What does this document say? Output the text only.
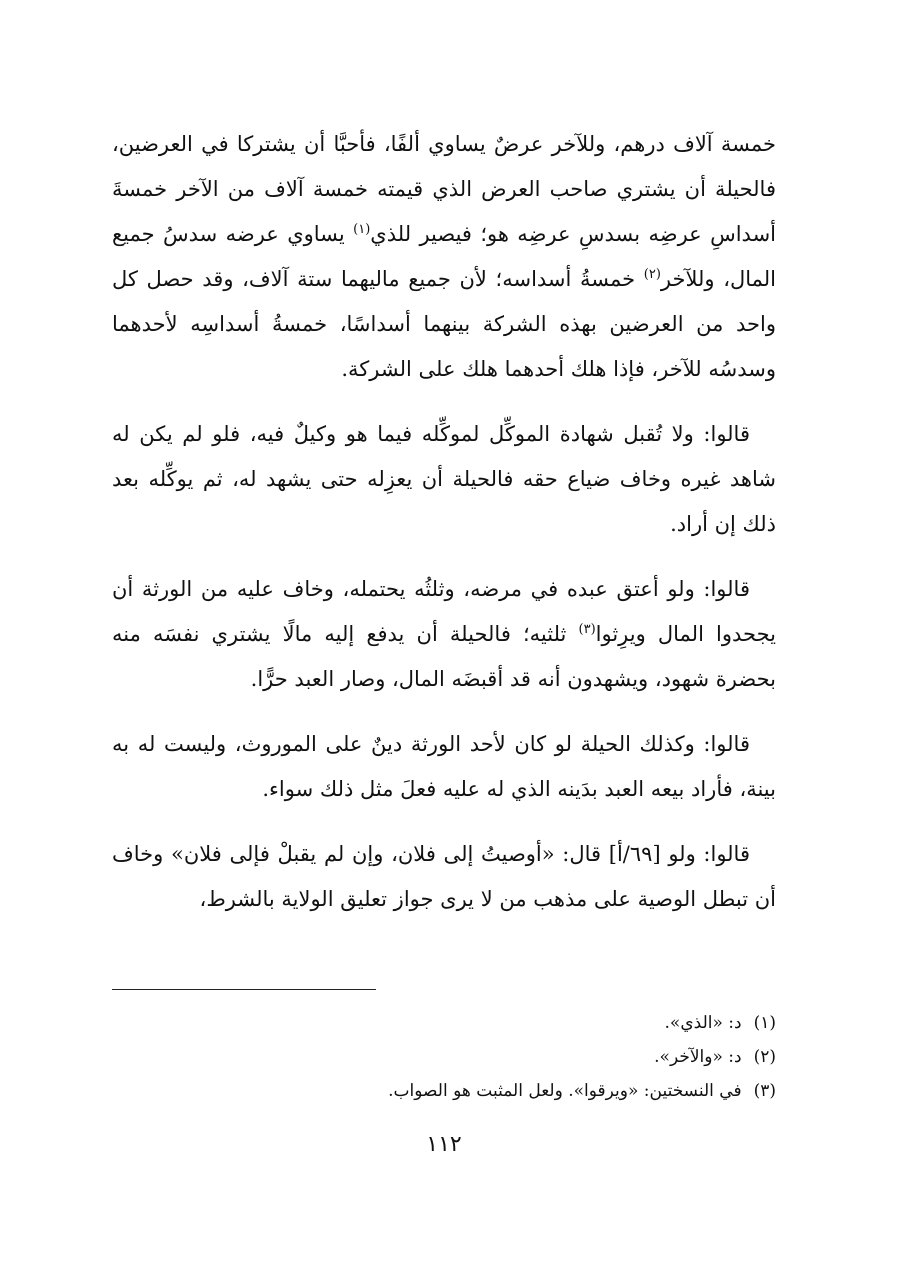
خمسة آلاف درهم، وللآخر عرضٌ يساوي ألفًا، فأحبَّا أن يشتركا في العرضين، فالحيلة أن يشتري صاحب العرض الذي قيمته خمسة آلاف من الآخر خمسةَ أسداسِ عرضِه بسدسِ عرضِه هو؛ فيصير للذي$^{(١)}$ يساوي عرضه سدسُ جميع المال، وللآخر$^{(٢)}$ خمسةُ أسداسه؛ لأن جميع ماليهما ستة آلاف، وقد حصل كل واحد من العرضين بهذه الشركة بينهما أسداسًا، خمسةُ أسداسِه لأحدهما وسدسُه للآخر، فإذا هلك أحدهما هلك على الشركة.

قالوا: ولا تُقبل شهادة الموكِّل لموكِّله فيما هو وكيلٌ فيه، فلو لم يكن له شاهد غيره وخاف ضياع حقه فالحيلة أن يعزِله حتى يشهد له، ثم يوكِّله بعد ذلك إن أراد.

قالوا: ولو أعتق عبده في مرضه، وثلثُه يحتمله، وخاف عليه من الورثة أن يجحدوا المال ويرِثوا$^{(٣)}$ ثلثيه؛ فالحيلة أن يدفع إليه مالًا يشتري نفسَه منه بحضرة شهود، ويشهدون أنه قد أقبضَه المال، وصار العبد حرًّا.

قالوا: وكذلك الحيلة لو كان لأحد الورثة دينٌ على الموروث، وليست له به بينة، فأراد بيعه العبد بدَينه الذي له عليه فعلَ مثل ذلك سواء.

قالوا: ولو [٦٩/أ] قال: «أوصيتُ إلى فلان، وإن لم يقبلْ فإلى فلان» وخاف أن تبطل الوصية على مذهب من لا يرى جواز تعليق الولاية بالشرط،

(١)
د: «الذي».
(٢)
د: «والآخر».
(٣)
في النسختين: «ويرقوا». ولعل المثبت هو الصواب.
١١٢
